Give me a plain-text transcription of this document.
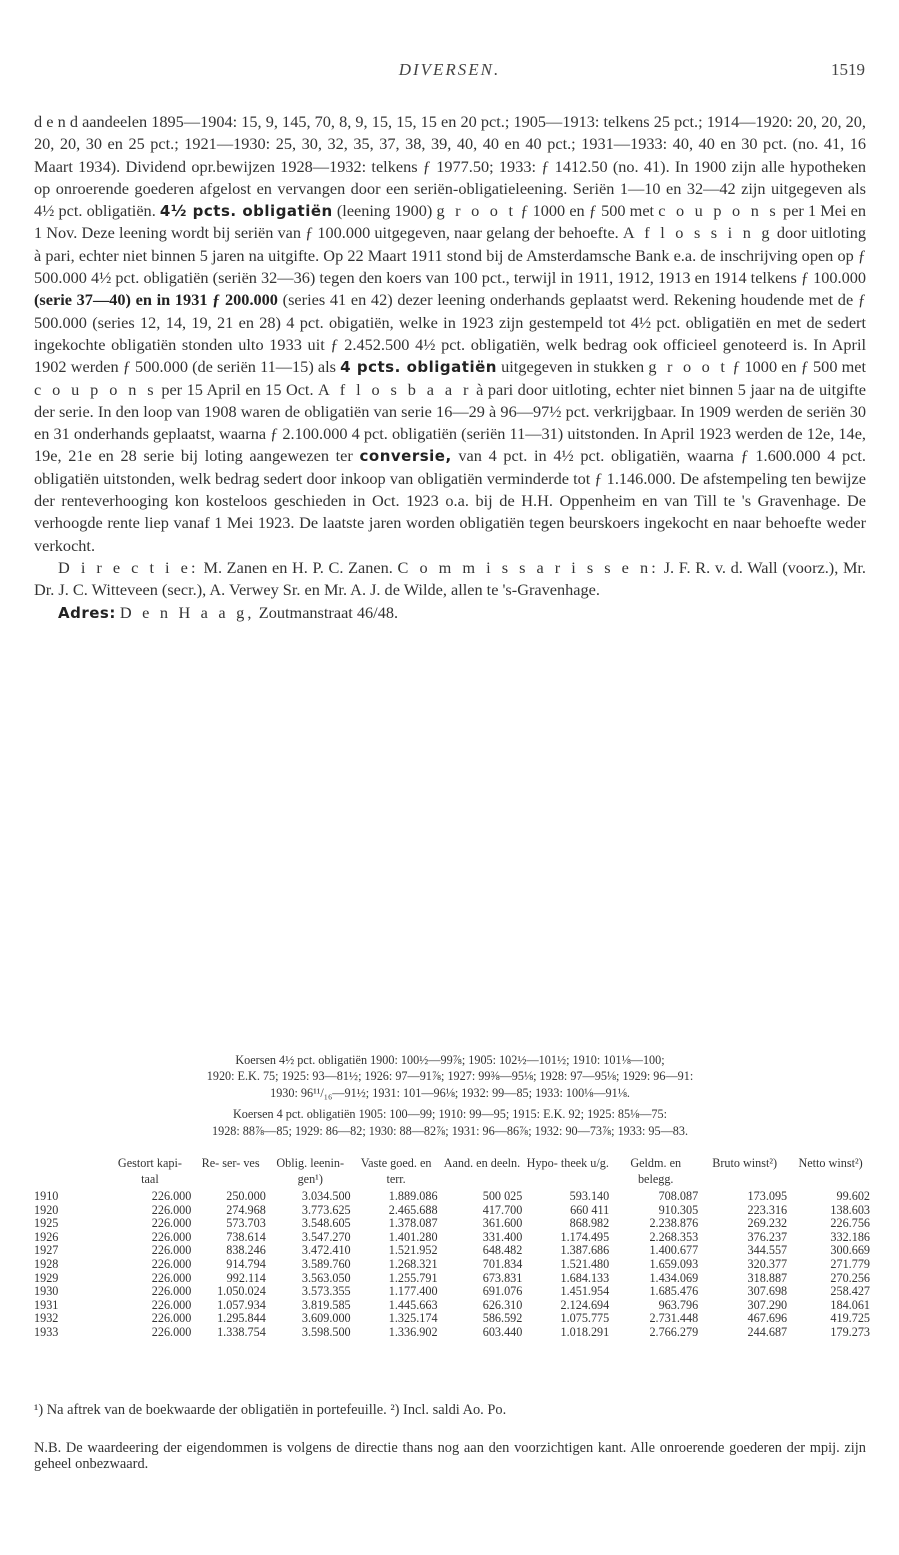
DIVERSEN.	1519

d e n d aandeelen 1895—1904: 15, 9, 145, 70, 8, 9, 15, 15, 15 en 20 pct.; 1905—1913: telkens 25 pct.; 1914—1920: 20, 20, 20, 20, 20, 30 en 25 pct.; 1921—1930: 25, 30, 32, 35, 37, 38, 39, 40, 40 en 40 pct.; 1931—1933: 40, 40 en 30 pct. (no. 41, 16 Maart 1934). Dividend opr.bewijzen 1928—1932: telkens ƒ 1977.50; 1933: ƒ 1412.50 (no. 41). In 1900 zijn alle hypotheken op onroerende goederen afgelost en vervangen door een seriën-obligatieleening. Seriën 1—10 en 32—42 zijn uitgegeven als 4½ pct. obligatiën. 4½ pcts. obligatiën (leening 1900) g r o o t ƒ 1000 en ƒ 500 met c o u p o n s per 1 Mei en 1 Nov. Deze leening wordt bij seriën van ƒ 100.000 uitgegeven, naar gelang der behoefte. A f l o s s i n g door uitloting à pari, echter niet binnen 5 jaren na uitgifte. Op 22 Maart 1911 stond bij de Amsterdamsche Bank e.a. de inschrijving open op ƒ 500.000 4½ pct. obligatiën (seriën 32—36) tegen den koers van 100 pct., terwijl in 1911, 1912, 1913 en 1914 telkens ƒ 100.000 (serie 37—40) en in 1931 ƒ 200.000 (series 41 en 42) dezer leening onderhands geplaatst werd. Rekening houdende met de ƒ 500.000 (series 12, 14, 19, 21 en 28) 4 pct. obigatiën, welke in 1923 zijn gestempeld tot 4½ pct. obligatiën en met de sedert ingekochte obligatiën stonden ulto 1933 uit ƒ 2.452.500 4½ pct. obligatiën, welk bedrag ook officieel genoteerd is. In April 1902 werden ƒ 500.000 (de seriën 11—15) als 4 pcts. obligatiën uitgegeven in stukken g r o o t ƒ 1000 en ƒ 500 met c o u p o n s per 15 April en 15 Oct. A f l o s b a a r à pari door uitloting, echter niet binnen 5 jaar na de uitgifte der serie. In den loop van 1908 waren de obligatiën van serie 16—29 à 96—97½ pct. verkrijgbaar. In 1909 werden de seriën 30 en 31 onderhands geplaatst, waarna ƒ 2.100.000 4 pct. obligatiën (seriën 11—31) uitstonden. In April 1923 werden de 12e, 14e, 19e, 21e en 28 serie bij loting aangewezen ter conversie, van 4 pct. in 4½ pct. obligatiën, waarna ƒ 1.600.000 4 pct. obligatiën uitstonden, welk bedrag sedert door inkoop van obligatiën verminderde tot ƒ 1.146.000. De afstempeling ten bewijze der renteverhooging kon kosteloos geschieden in Oct. 1923 o.a. bij de H.H. Oppenheim en van Till te 's Gravenhage. De verhoogde rente liep vanaf 1 Mei 1923. De laatste jaren worden obligatiën tegen beurskoers ingekocht en naar behoefte weder verkocht.

D i r e c t i e: M. Zanen en H. P. C. Zanen. C o m m i s s a r i s s e n: J. F. R. v. d. Wall (voorz.), Mr. Dr. J. C. Witteveen (secr.), A. Verwey Sr. en Mr. A. J. de Wilde, allen te 's-Gravenhage.

Adres: D e n H a a g, Zoutmanstraat 46/48.

Koersen 4½ pct. obligatiën 1900: 100½—99⅞; 1905: 102½—101½; 1910: 101⅛—100;

1920: E.K. 75; 1925: 93—81½; 1926: 97—91⅞; 1927: 99⅜—95⅛; 1928: 97—95⅛; 1929: 96—91:

1930: 96¹¹/₁₆—91½; 1931: 101—96⅛; 1932: 99—85; 1933: 100⅛—91⅛.

Koersen 4 pct. obligatiën 1905: 100—99; 1910: 99—95; 1915: E.K. 92; 1925: 85⅛—75:

1928: 88⅞—85; 1929: 86—82; 1930: 88—82⅞; 1931: 96—86⅞; 1932: 90—73⅞; 1933: 95—83.

	Gestort kapi- taal	Re- ser- ves	Oblig. leenin- gen¹)	Vaste goed. en terr.	Aand. en deeln.	Hypo- theek u/g.	Geldm. en belegg.	Bruto winst²)	Netto winst²)
1910	226.000	250.000	3.034.500	1.889.086	500 025	593.140	708.087	173.095	99.602
1920	226.000	274.968	3.773.625	2.465.688	417.700	660 411	910.305	223.316	138.603
1925	226.000	573.703	3.548.605	1.378.087	361.600	868.982	2.238.876	269.232	226.756
1926	226.000	738.614	3.547.270	1.401.280	331.400	1.174.495	2.268.353	376.237	332.186
1927	226.000	838.246	3.472.410	1.521.952	648.482	1.387.686	1.400.677	344.557	300.669
1928	226.000	914.794	3.589.760	1.268.321	701.834	1.521.480	1.659.093	320.377	271.779
1929	226.000	992.114	3.563.050	1.255.791	673.831	1.684.133	1.434.069	318.887	270.256
1930	226.000	1.050.024	3.573.355	1.177.400	691.076	1.451.954	1.685.476	307.698	258.427
1931	226.000	1.057.934	3.819.585	1.445.663	626.310	2.124.694	963.796	307.290	184.061
1932	226.000	1.295.844	3.609.000	1.325.174	586.592	1.075.775	2.731.448	467.696	419.725
1933	226.000	1.338.754	3.598.500	1.336.902	603.440	1.018.291	2.766.279	244.687	179.273

¹) Na aftrek van de boekwaarde der obligatiën in portefeuille. ²) Incl. saldi Ao. Po.

N.B. De waardeering der eigendommen is volgens de directie thans nog aan den voorzichtigen kant. Alle onroerende goederen der mpij. zijn geheel onbezwaard.
